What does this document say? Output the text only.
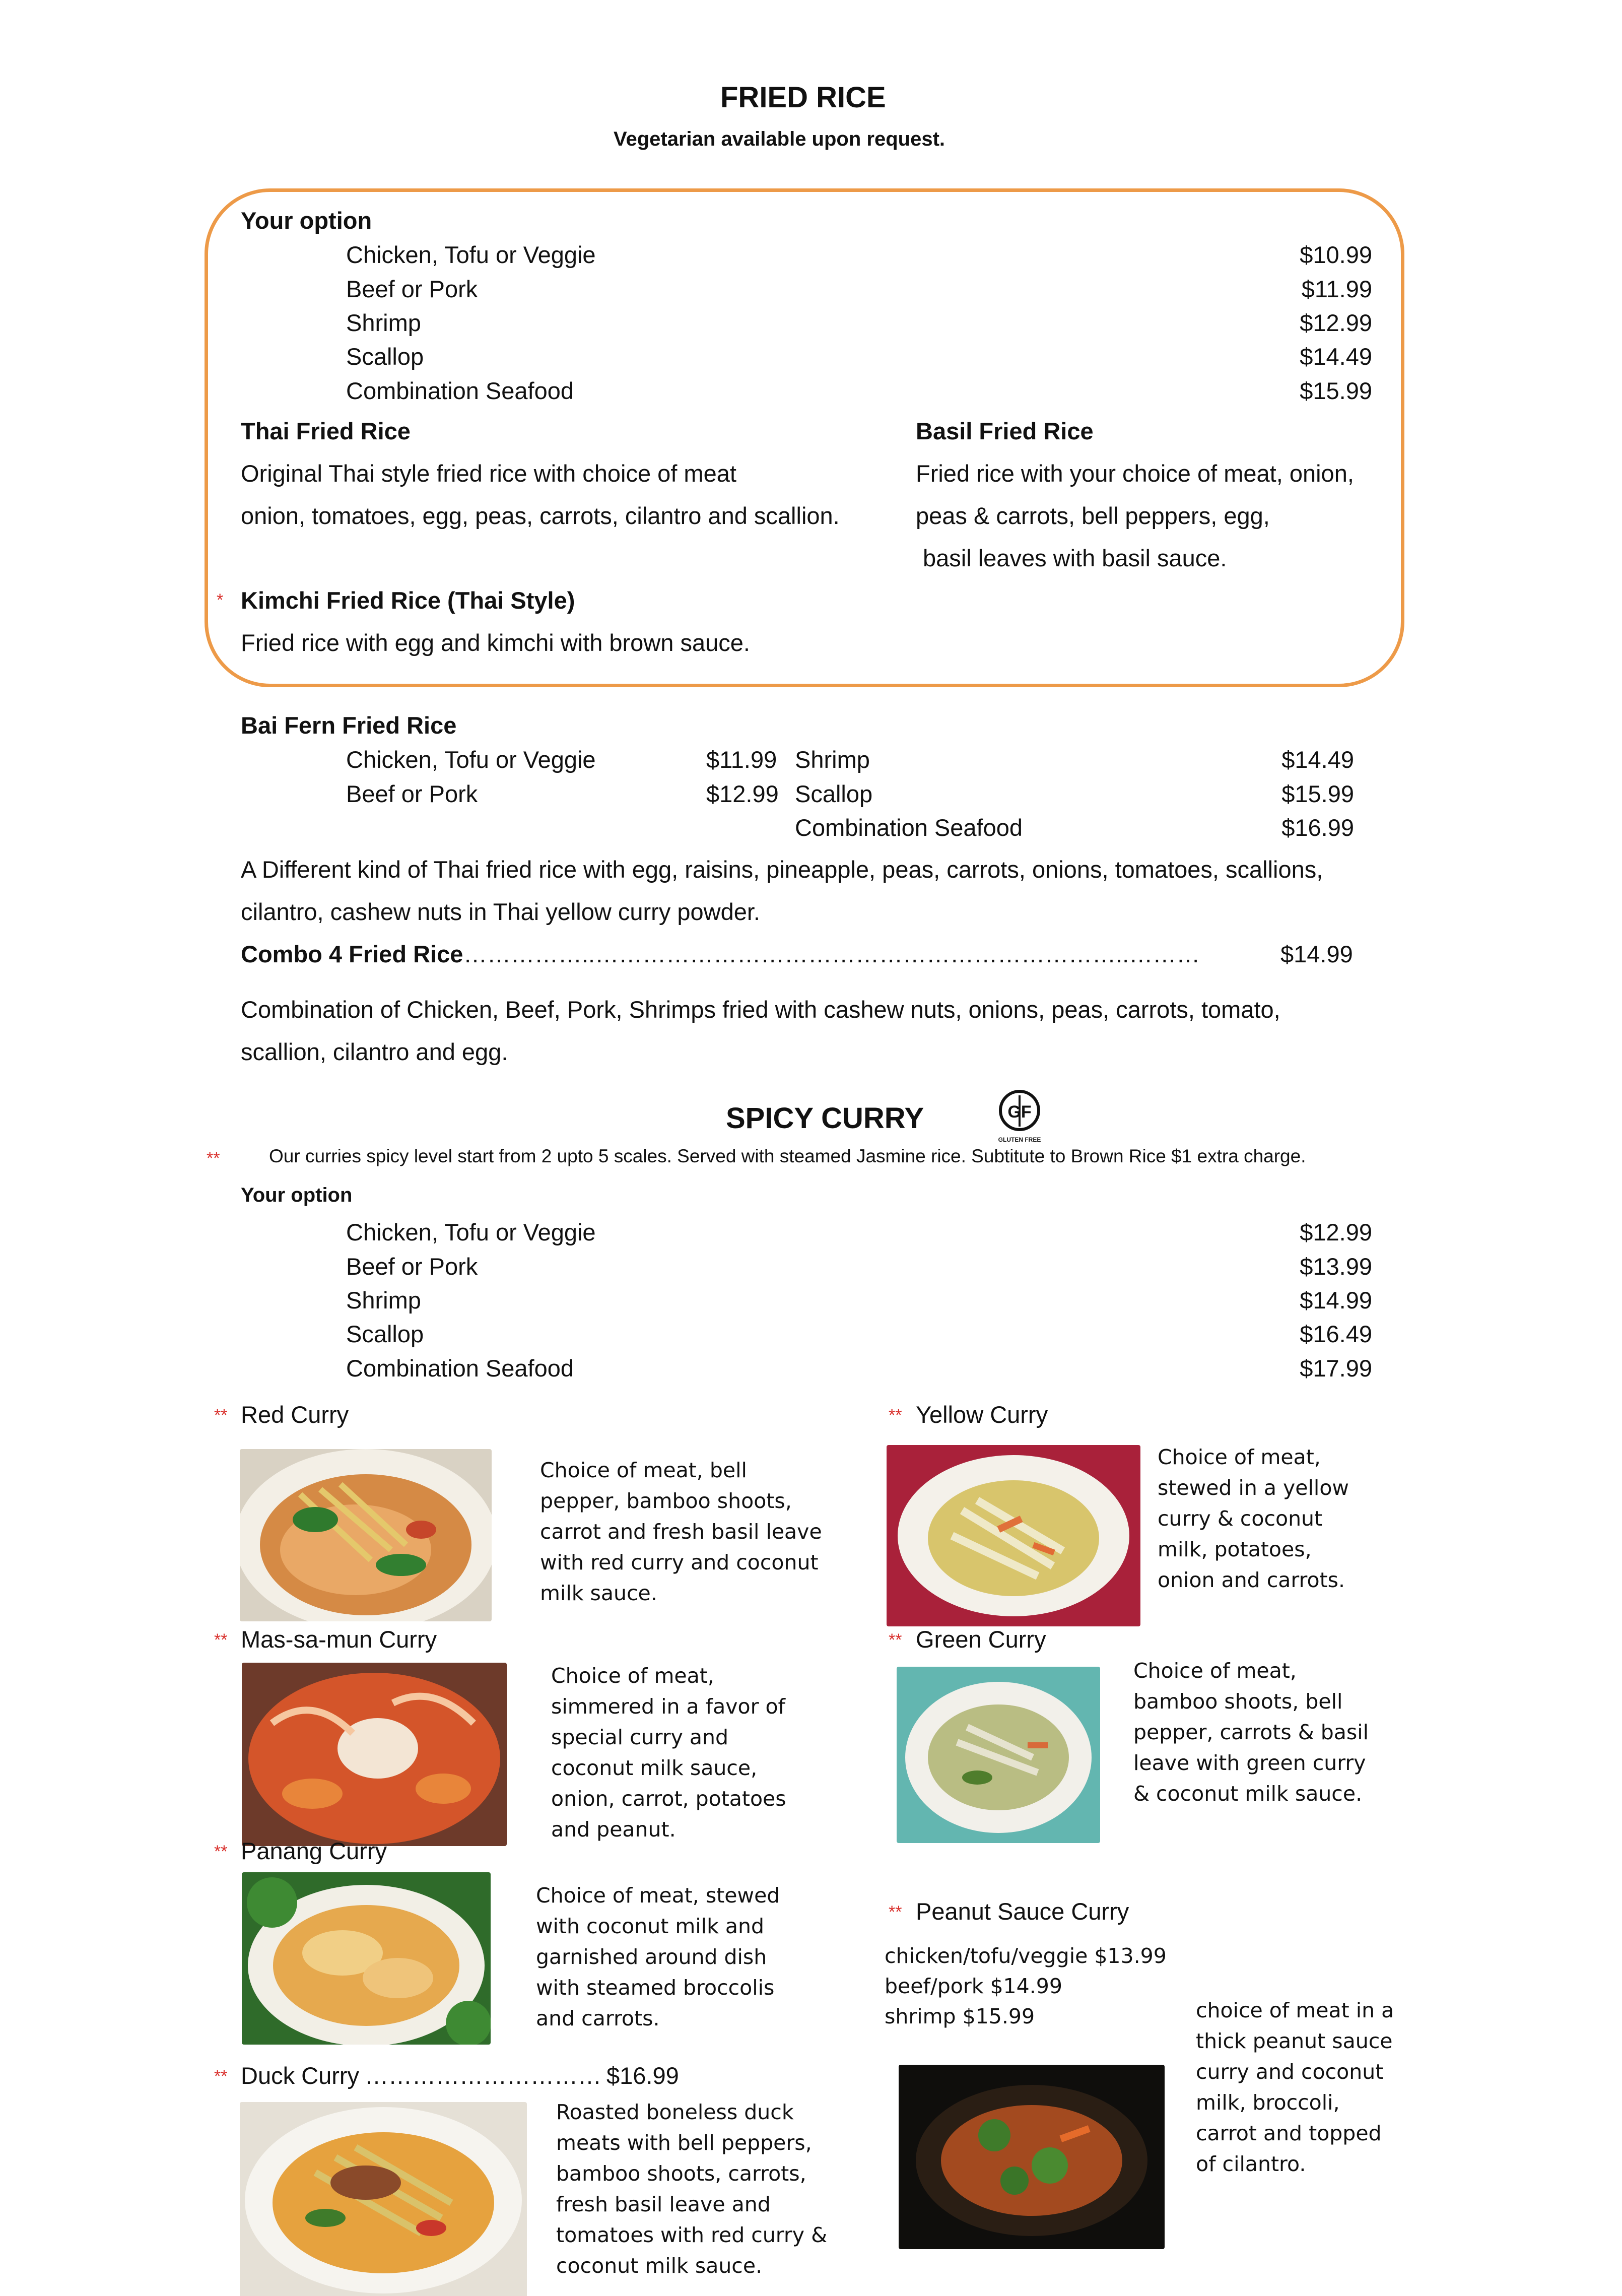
FRIED RICE
Vegetarian available upon request.
Your option
Chicken, Tofu or Veggie	$10.99
Beef or Pork	$11.99
Shrimp	$12.99
Scallop	$14.49
Combination Seafood	$15.99
Thai Fried Rice
Original Thai style fried rice with choice of meat
onion, tomatoes, egg, peas, carrots, cilantro and scallion.
Basil Fried Rice
Fried rice with your choice of meat, onion,
peas & carrots, bell peppers, egg,
basil leaves with basil sauce.
* Kimchi Fried Rice (Thai Style)
Fried rice with egg and kimchi with brown sauce.
Bai Fern Fried Rice
Chicken, Tofu or Veggie	$11.99
Beef or Pork	$12.99
Shrimp	$14.49
Scallop	$15.99
Combination Seafood	$16.99
A Different kind of Thai fried rice with egg, raisins, pineapple, peas, carrots, onions, tomatoes, scallions,
cilantro, cashew nuts in Thai yellow curry powder.
Combo 4 Fried Rice ……………..…………………………………………………………..………	$14.99
Combination of Chicken, Beef, Pork, Shrimps fried with cashew nuts, onions, peas, carrots, tomato,
scallion, cilantro and egg.
SPICY CURRY	GF
GLUTEN FREE
**	Our curries spicy level start from 2 upto 5 scales. Served with steamed Jasmine rice. Subtitute to Brown Rice $1 extra charge.
Your option
Chicken, Tofu or Veggie	$12.99
Beef or Pork	$13.99
Shrimp	$14.99
Scallop	$16.49
Combination Seafood	$17.99
** Red Curry
Choice of meat, bell pepper, bamboo shoots, carrot and fresh basil leave with red curry and coconut milk sauce.
** Yellow Curry
Choice of meat, stewed in a yellow curry & coconut milk, potatoes, onion and carrots.
** Mas-sa-mun Curry
Choice of meat, simmered in a favor of special curry and coconut milk sauce, onion, carrot, potatoes and peanut.
** Green Curry
Choice of meat, bamboo shoots, bell pepper, carrots & basil leave with green curry & coconut milk sauce.
** Panang Curry
Choice of meat, stewed with coconut milk and garnished around dish with steamed broccolis and carrots.
** Peanut Sauce Curry
chicken/tofu/veggie $13.99
beef/pork $14.99
shrimp $15.99	choice of meat in a thick peanut sauce curry and coconut milk, broccoli, carrot and topped of cilantro.
** Duck Curry ………………………… $16.99
Roasted boneless duck meats with bell peppers, bamboo shoots, carrots, fresh basil leave and tomatoes with red curry & coconut milk sauce.
